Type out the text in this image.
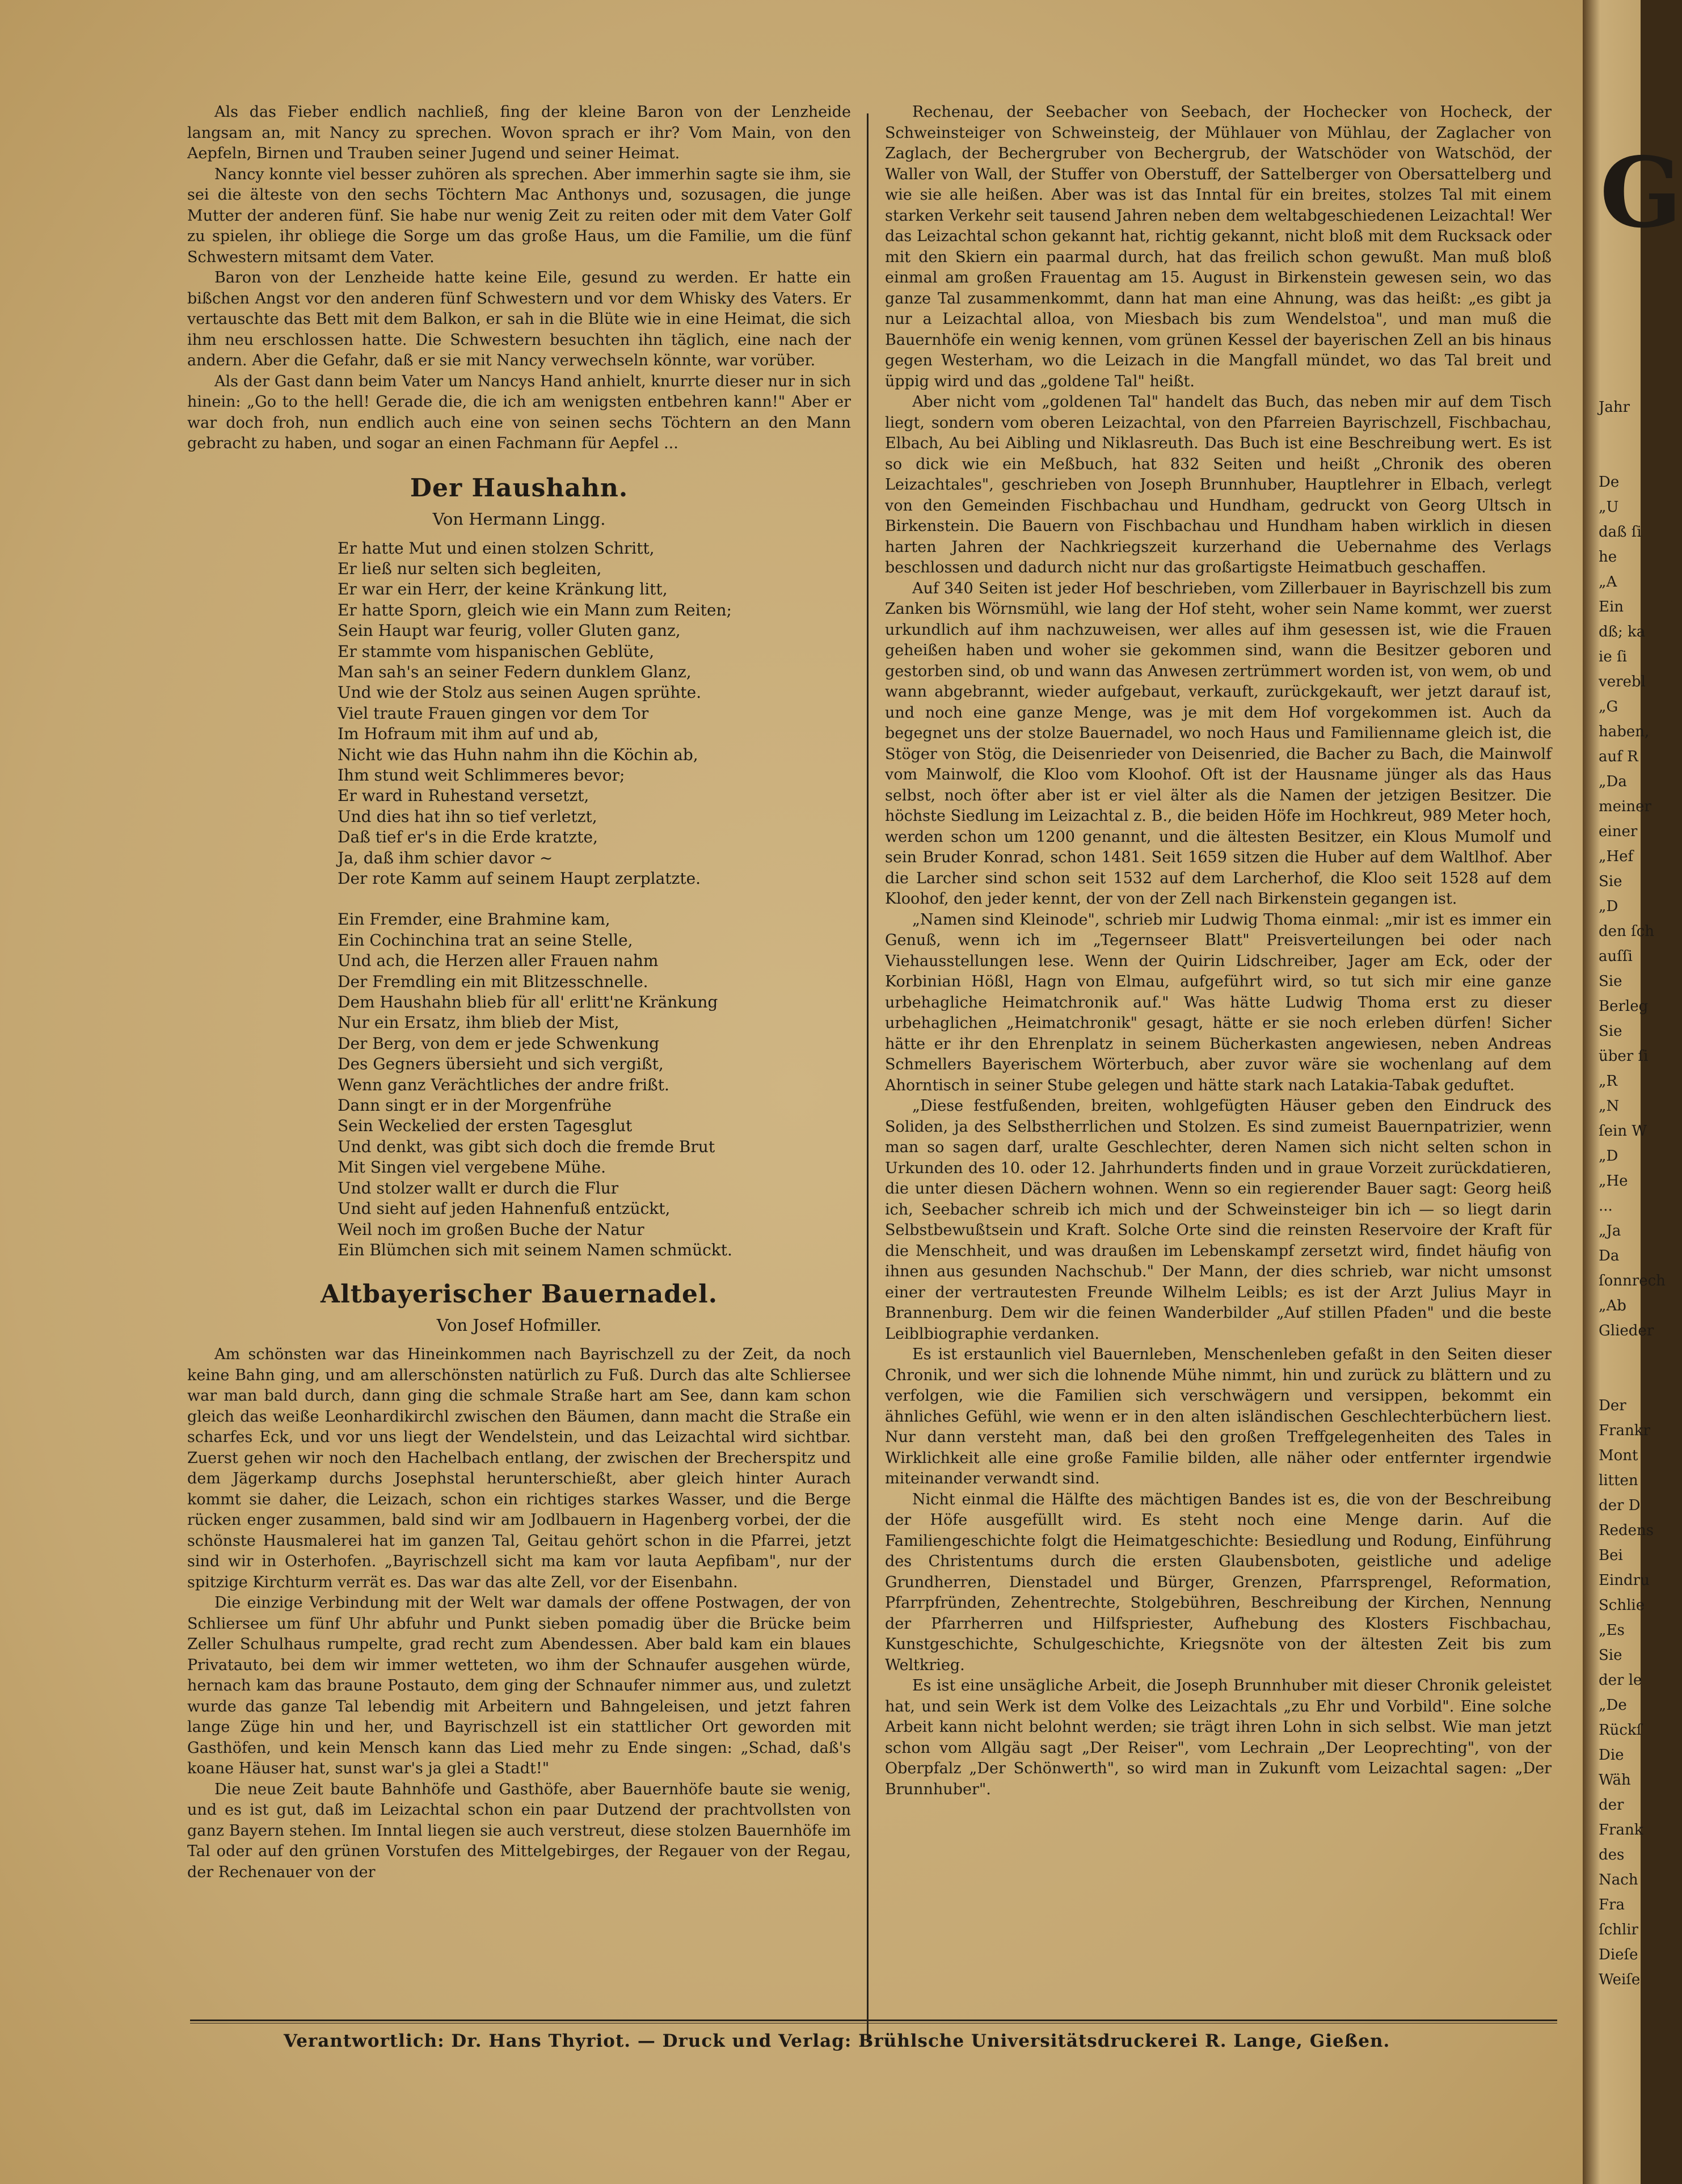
Als das Fieber endlich nachließ, fing der kleine Baron von der Lenzheide langsam an, mit Nancy zu sprechen. Wovon sprach er ihr? Vom Main, von den Aepfeln, Birnen und Trauben seiner Jugend und seiner Heimat.

Nancy konnte viel besser zuhören als sprechen. Aber immerhin sagte sie ihm, sie sei die älteste von den sechs Töchtern Mac Anthonys und, sozusagen, die junge Mutter der anderen fünf. Sie habe nur wenig Zeit zu reiten oder mit dem Vater Golf zu spielen, ihr obliege die Sorge um das große Haus, um die Familie, um die fünf Schwestern mitsamt dem Vater.

Baron von der Lenzheide hatte keine Eile, gesund zu werden. Er hatte ein bißchen Angst vor den anderen fünf Schwestern und vor dem Whisky des Vaters. Er vertauschte das Bett mit dem Balkon, er sah in die Blüte wie in eine Heimat, die sich ihm neu erschlossen hatte. Die Schwestern besuchten ihn täglich, eine nach der andern. Aber die Gefahr, daß er sie mit Nancy verwechseln könnte, war vorüber.

Als der Gast dann beim Vater um Nancys Hand anhielt, knurrte dieser nur in sich hinein: „Go to the hell! Gerade die, die ich am wenigsten entbehren kann!" Aber er war doch froh, nun endlich auch eine von seinen sechs Töchtern an den Mann gebracht zu haben, und sogar an einen Fachmann für Aepfel ...

Der Haushahn.
Von Hermann Lingg.
Er hatte Mut und einen stolzen Schritt,
Er ließ nur selten sich begleiten,
Er war ein Herr, der keine Kränkung litt,
Er hatte Sporn, gleich wie ein Mann zum Reiten;
Sein Haupt war feurig, voller Gluten ganz,
Er stammte vom hispanischen Geblüte,
Man sah's an seiner Federn dunklem Glanz,
Und wie der Stolz aus seinen Augen sprühte.
Viel traute Frauen gingen vor dem Tor
Im Hofraum mit ihm auf und ab,
Nicht wie das Huhn nahm ihn die Köchin ab,
Ihm stund weit Schlimmeres bevor;
Er ward in Ruhestand versetzt,
Und dies hat ihn so tief verletzt,
Daß tief er's in die Erde kratzte,
Ja, daß ihm schier davor ~
Der rote Kamm auf seinem Haupt zerplatzte.
Ein Fremder, eine Brahmine kam,
Ein Cochinchina trat an seine Stelle,
Und ach, die Herzen aller Frauen nahm
Der Fremdling ein mit Blitzesschnelle.
Dem Haushahn blieb für all' erlitt'ne Kränkung
Nur ein Ersatz, ihm blieb der Mist,
Der Berg, von dem er jede Schwenkung
Des Gegners übersieht und sich vergißt,
Wenn ganz Verächtliches der andre frißt.
Dann singt er in der Morgenfrühe
Sein Weckelied der ersten Tagesglut
Und denkt, was gibt sich doch die fremde Brut
Mit Singen viel vergebene Mühe.
Und stolzer wallt er durch die Flur
Und sieht auf jeden Hahnenfuß entzückt,
Weil noch im großen Buche der Natur
Ein Blümchen sich mit seinem Namen schmückt.
Altbayerischer Bauernadel.
Von Josef Hofmiller.

Am schönsten war das Hineinkommen nach Bayrischzell zu der Zeit, da noch keine Bahn ging, und am allerschönsten natürlich zu Fuß. Durch das alte Schliersee war man bald durch, dann ging die schmale Straße hart am See, dann kam schon gleich das weiße Leonhardikirchl zwischen den Bäumen, dann macht die Straße ein scharfes Eck, und vor uns liegt der Wendelstein, und das Leizachtal wird sichtbar. Zuerst gehen wir noch den Hachelbach entlang, der zwischen der Brecherspitz und dem Jägerkamp durchs Josephstal herunterschießt, aber gleich hinter Aurach kommt sie daher, die Leizach, schon ein richtiges starkes Wasser, und die Berge rücken enger zusammen, bald sind wir am Jodlbauern in Hagenberg vorbei, der die schönste Hausmalerei hat im ganzen Tal, Geitau gehört schon in die Pfarrei, jetzt sind wir in Osterhofen. „Bayrischzell sicht ma kam vor lauta Aepfibam", nur der spitzige Kirchturm verrät es. Das war das alte Zell, vor der Eisenbahn.

Die einzige Verbindung mit der Welt war damals der offene Postwagen, der von Schliersee um fünf Uhr abfuhr und Punkt sieben pomadig über die Brücke beim Zeller Schulhaus rumpelte, grad recht zum Abendessen. Aber bald kam ein blaues Privatauto, bei dem wir immer wetteten, wo ihm der Schnaufer ausgehen würde, hernach kam das braune Postauto, dem ging der Schnaufer nimmer aus, und zuletzt wurde das ganze Tal lebendig mit Arbeitern und Bahngeleisen, und jetzt fahren lange Züge hin und her, und Bayrischzell ist ein stattlicher Ort geworden mit Gasthöfen, und kein Mensch kann das Lied mehr zu Ende singen: „Schad, daß's koane Häuser hat, sunst war's ja glei a Stadt!"

Die neue Zeit baute Bahnhöfe und Gasthöfe, aber Bauernhöfe baute sie wenig, und es ist gut, daß im Leizachtal schon ein paar Dutzend der prachtvollsten von ganz Bayern stehen. Im Inntal liegen sie auch verstreut, diese stolzen Bauernhöfe im Tal oder auf den grünen Vorstufen des Mittelgebirges, der Regauer von der Regau, der Rechenauer von der

Rechenau, der Seebacher von Seebach, der Hochecker von Hocheck, der Schweinsteiger von Schweinsteig, der Mühlauer von Mühlau, der Zaglacher von Zaglach, der Bechergruber von Bechergrub, der Watschöder von Watschöd, der Waller von Wall, der Stuffer von Oberstuff, der Sattelberger von Obersattelberg und wie sie alle heißen. Aber was ist das Inntal für ein breites, stolzes Tal mit einem starken Verkehr seit tausend Jahren neben dem weltabgeschiedenen Leizachtal! Wer das Leizachtal schon gekannt hat, richtig gekannt, nicht bloß mit dem Rucksack oder mit den Skiern ein paarmal durch, hat das freilich schon gewußt. Man muß bloß einmal am großen Frauentag am 15. August in Birkenstein gewesen sein, wo das ganze Tal zusammenkommt, dann hat man eine Ahnung, was das heißt: „es gibt ja nur a Leizachtal alloa, von Miesbach bis zum Wendelstoa", und man muß die Bauernhöfe ein wenig kennen, vom grünen Kessel der bayerischen Zell an bis hinaus gegen Westerham, wo die Leizach in die Mangfall mündet, wo das Tal breit und üppig wird und das „goldene Tal" heißt.

Aber nicht vom „goldenen Tal" handelt das Buch, das neben mir auf dem Tisch liegt, sondern vom oberen Leizachtal, von den Pfarreien Bayrischzell, Fischbachau, Elbach, Au bei Aibling und Niklasreuth. Das Buch ist eine Beschreibung wert. Es ist so dick wie ein Meßbuch, hat 832 Seiten und heißt „Chronik des oberen Leizachtales", geschrieben von Joseph Brunnhuber, Hauptlehrer in Elbach, verlegt von den Gemeinden Fischbachau und Hundham, gedruckt von Georg Ultsch in Birkenstein. Die Bauern von Fischbachau und Hundham haben wirklich in diesen harten Jahren der Nachkriegszeit kurzerhand die Uebernahme des Verlags beschlossen und dadurch nicht nur das großartigste Heimatbuch geschaffen.

Auf 340 Seiten ist jeder Hof beschrieben, vom Zillerbauer in Bayrischzell bis zum Zanken bis Wörnsmühl, wie lang der Hof steht, woher sein Name kommt, wer zuerst urkundlich auf ihm nachzuweisen, wer alles auf ihm gesessen ist, wie die Frauen geheißen haben und woher sie gekommen sind, wann die Besitzer geboren und gestorben sind, ob und wann das Anwesen zertrümmert worden ist, von wem, ob und wann abgebrannt, wieder aufgebaut, verkauft, zurückgekauft, wer jetzt darauf ist, und noch eine ganze Menge, was je mit dem Hof vorgekommen ist. Auch da begegnet uns der stolze Bauernadel, wo noch Haus und Familienname gleich ist, die Stöger von Stög, die Deisenrieder von Deisenried, die Bacher zu Bach, die Mainwolf vom Mainwolf, die Kloo vom Kloohof. Oft ist der Hausname jünger als das Haus selbst, noch öfter aber ist er viel älter als die Namen der jetzigen Besitzer. Die höchste Siedlung im Leizachtal z. B., die beiden Höfe im Hochkreut, 989 Meter hoch, werden schon um 1200 genannt, und die ältesten Besitzer, ein Klous Mumolf und sein Bruder Konrad, schon 1481. Seit 1659 sitzen die Huber auf dem Waltlhof. Aber die Larcher sind schon seit 1532 auf dem Larcherhof, die Kloo seit 1528 auf dem Kloohof, den jeder kennt, der von der Zell nach Birkenstein gegangen ist.

„Namen sind Kleinode", schrieb mir Ludwig Thoma einmal: „mir ist es immer ein Genuß, wenn ich im „Tegernseer Blatt" Preisverteilungen bei oder nach Viehausstellungen lese. Wenn der Quirin Lidschreiber, Jager am Eck, oder der Korbinian Hößl, Hagn von Elmau, aufgeführt wird, so tut sich mir eine ganze urbehagliche Heimatchronik auf." Was hätte Ludwig Thoma erst zu dieser urbehaglichen „Heimatchronik" gesagt, hätte er sie noch erleben dürfen! Sicher hätte er ihr den Ehrenplatz in seinem Bücherkasten angewiesen, neben Andreas Schmellers Bayerischem Wörterbuch, aber zuvor wäre sie wochenlang auf dem Ahorntisch in seiner Stube gelegen und hätte stark nach Latakia-Tabak geduftet.

„Diese festfußenden, breiten, wohlgefügten Häuser geben den Eindruck des Soliden, ja des Selbstherrlichen und Stolzen. Es sind zumeist Bauernpatrizier, wenn man so sagen darf, uralte Geschlechter, deren Namen sich nicht selten schon in Urkunden des 10. oder 12. Jahrhunderts finden und in graue Vorzeit zurückdatieren, die unter diesen Dächern wohnen. Wenn so ein regierender Bauer sagt: Georg heiß ich, Seebacher schreib ich mich und der Schweinsteiger bin ich — so liegt darin Selbstbewußtsein und Kraft. Solche Orte sind die reinsten Reservoire der Kraft für die Menschheit, und was draußen im Lebenskampf zersetzt wird, findet häufig von ihnen aus gesunden Nachschub." Der Mann, der dies schrieb, war nicht umsonst einer der vertrautesten Freunde Wilhelm Leibls; es ist der Arzt Julius Mayr in Brannenburg. Dem wir die feinen Wanderbilder „Auf stillen Pfaden" und die beste Leiblbiographie verdanken.

Es ist erstaunlich viel Bauernleben, Menschenleben gefaßt in den Seiten dieser Chronik, und wer sich die lohnende Mühe nimmt, hin und zurück zu blättern und zu verfolgen, wie die Familien sich verschwägern und versippen, bekommt ein ähnliches Gefühl, wie wenn er in den alten isländischen Geschlechterbüchern liest. Nur dann versteht man, daß bei den großen Treffgelegenheiten des Tales in Wirklichkeit alle eine große Familie bilden, alle näher oder entfernter irgendwie miteinander verwandt sind.

Nicht einmal die Hälfte des mächtigen Bandes ist es, die von der Beschreibung der Höfe ausgefüllt wird. Es steht noch eine Menge darin. Auf die Familiengeschichte folgt die Heimatgeschichte: Besiedlung und Rodung, Einführung des Christentums durch die ersten Glaubensboten, geistliche und adelige Grundherren, Dienstadel und Bürger, Grenzen, Pfarrsprengel, Reformation, Pfarrpfründen, Zehentrechte, Stolgebühren, Beschreibung der Kirchen, Nennung der Pfarrherren und Hilfspriester, Aufhebung des Klosters Fischbachau, Kunstgeschichte, Schulgeschichte, Kriegsnöte von der ältesten Zeit bis zum Weltkrieg.

Es ist eine unsägliche Arbeit, die Joseph Brunnhuber mit dieser Chronik geleistet hat, und sein Werk ist dem Volke des Leizachtals „zu Ehr und Vorbild". Eine solche Arbeit kann nicht belohnt werden; sie trägt ihren Lohn in sich selbst. Wie man jetzt schon vom Allgäu sagt „Der Reiser", vom Lechrain „Der Leoprechting", von der Oberpfalz „Der Schönwerth", so wird man in Zukunft vom Leizachtal sagen: „Der Brunnhuber".

Verantwortlich: Dr. Hans Thyriot. — Druck und Verlag: Brühlsche Universitätsdruckerei R. Lange, Gießen.
G
Jahr
De
„U
daß ſi
he
„A
Ein
dß; ka
ie ſi
verebl
„G
haben,
auf R
„Da
meiner
einer
„Hef
Sie
„D
den ſch
auſſi
Sie
Berleg
Sie
über ſi
„R
„N
ſein W
„D
„He
...
„Ja
Da
ſonnrech
„Ab
Glieder
Der
Frankr
Mont
litten
der D
Redens
Bei
Eindru
Schlie
„Es
Sie
der le
„De
Rückſ
Die
Wäh
der
Frank
des
Nach
Fra
ſchlir
Dieſe
Weiſe
